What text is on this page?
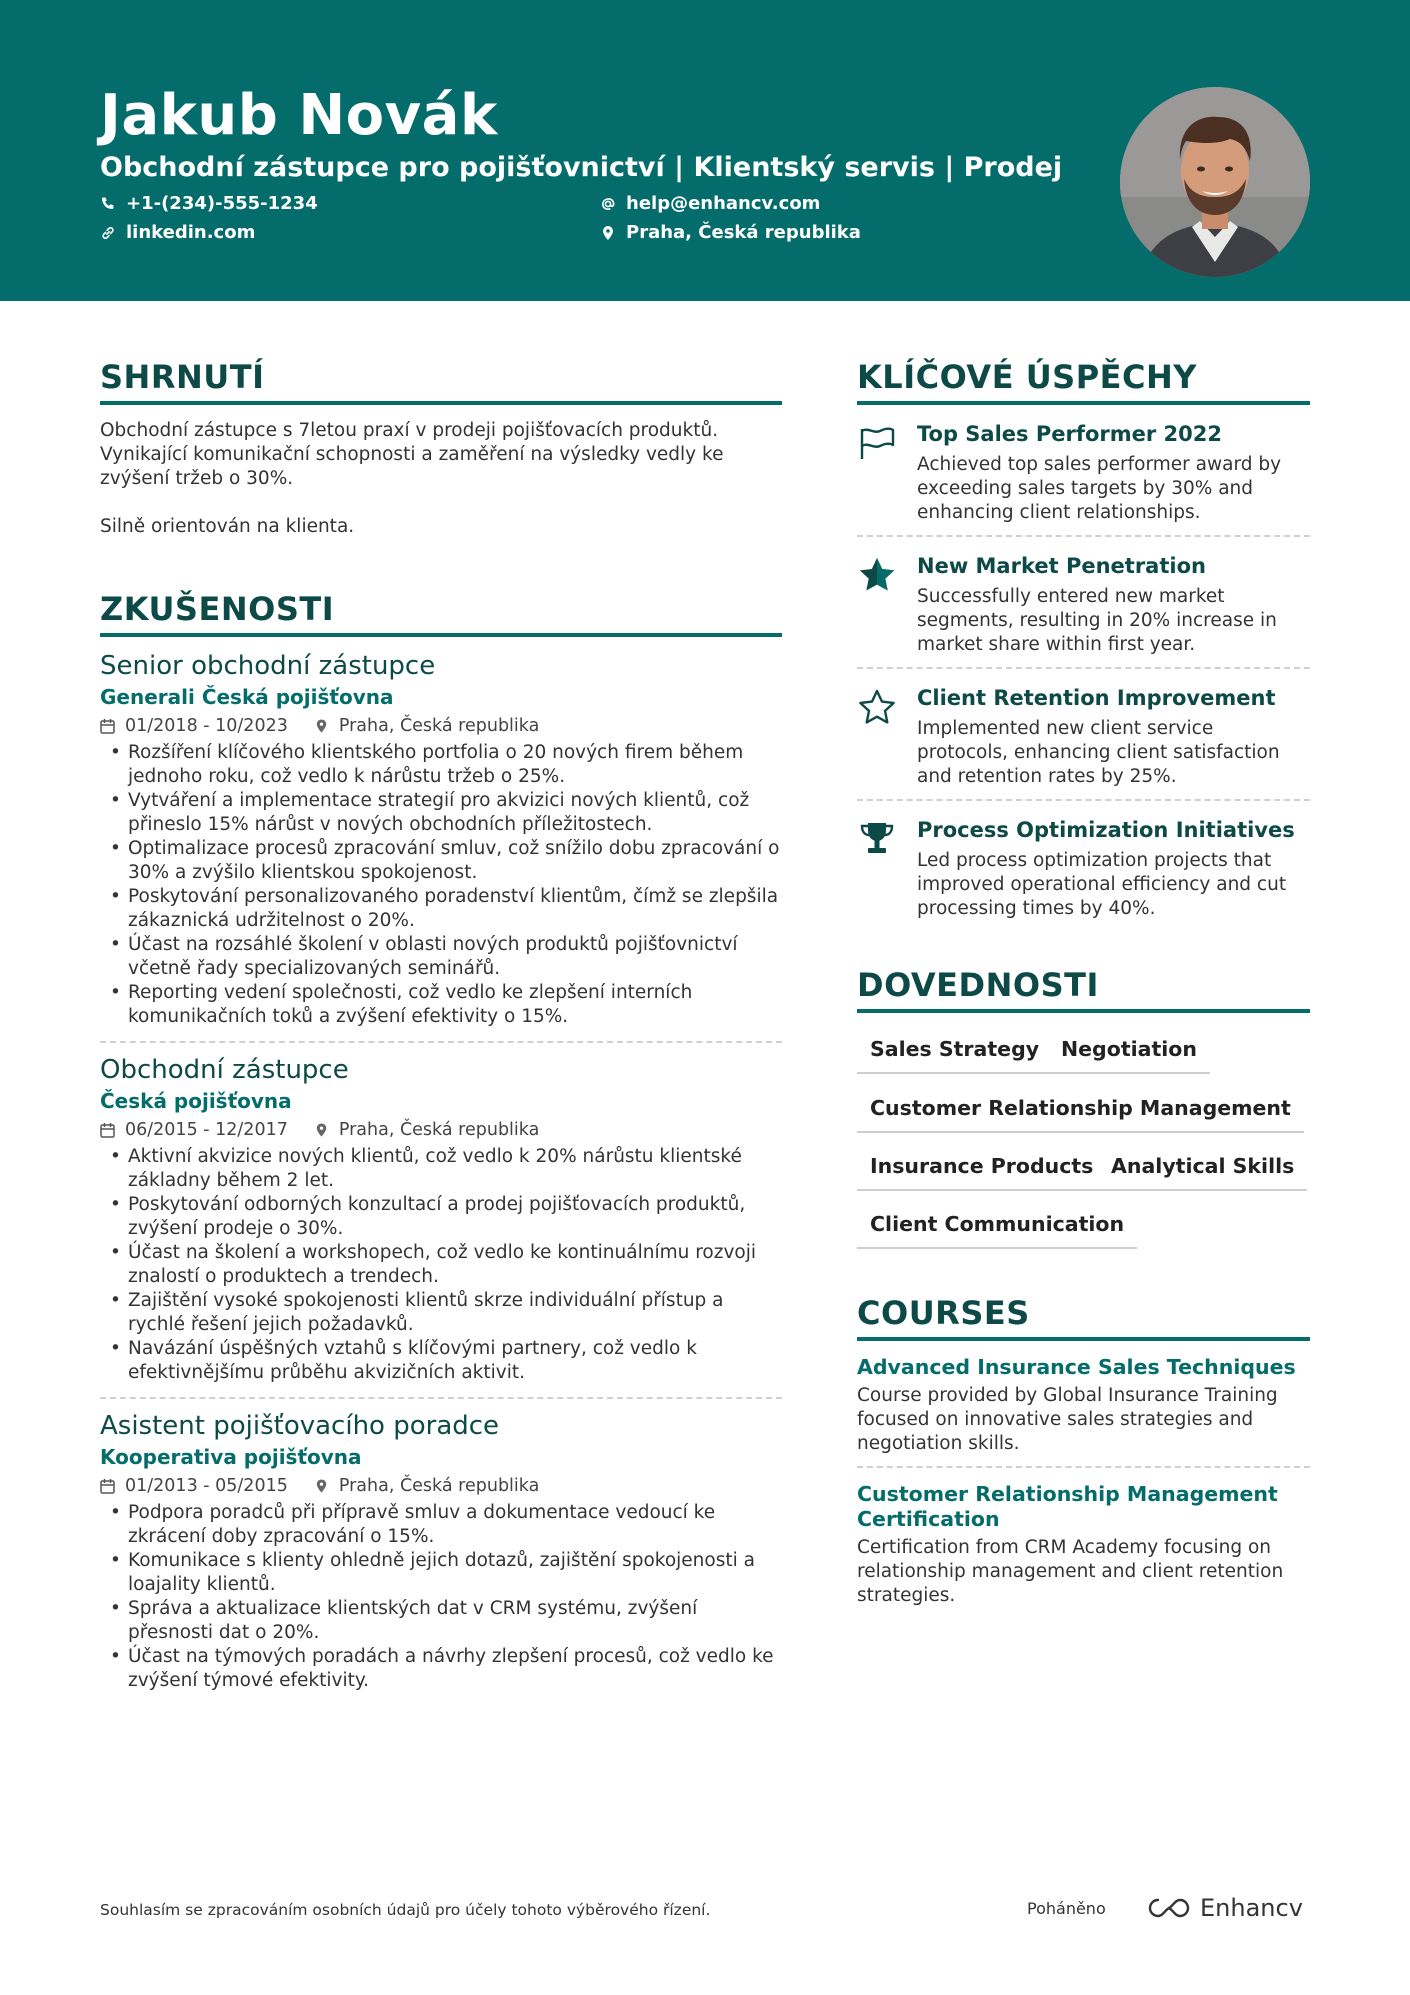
Jakub Novák
Obchodní zástupce pro pojišťovnictví | Klientský servis | Prodej
+1-(234)-555-1234	help@enhancv.com
linkedin.com	Praha, Česká republika
SHRNUTÍ

Obchodní zástupce s 7letou praxí v prodeji pojišťovacích produktů. Vynikající komunikační schopnosti a zaměření na výsledky vedly ke zvýšení tržeb o 30%.

Silně orientován na klienta.

ZKUŠENOSTI
Senior obchodní zástupce
Generali Česká pojišťovna
01/2018 - 10/2023	Praha, Česká republika
• Rozšíření klíčového klientského portfolia o 20 nových firem během jednoho roku, což vedlo k nárůstu tržeb o 25%.
• Vytváření a implementace strategií pro akvizici nových klientů, což přineslo 15% nárůst v nových obchodních příležitostech.
• Optimalizace procesů zpracování smluv, což snížilo dobu zpracování o 30% a zvýšilo klientskou spokojenost.
• Poskytování personalizovaného poradenství klientům, čímž se zlepšila zákaznická udržitelnost o 20%.
• Účast na rozsáhlé školení v oblasti nových produktů pojišťovnictví včetně řady specializovaných seminářů.
• Reporting vedení společnosti, což vedlo ke zlepšení interních komunikačních toků a zvýšení efektivity o 15%.
Obchodní zástupce
Česká pojišťovna
06/2015 - 12/2017	Praha, Česká republika
• Aktivní akvizice nových klientů, což vedlo k 20% nárůstu klientské základny během 2 let.
• Poskytování odborných konzultací a prodej pojišťovacích produktů, zvýšení prodeje o 30%.
• Účast na školení a workshopech, což vedlo ke kontinuálnímu rozvoji znalostí o produktech a trendech.
• Zajištění vysoké spokojenosti klientů skrze individuální přístup a rychlé řešení jejich požadavků.
• Navázání úspěšných vztahů s klíčovými partnery, což vedlo k efektivnějšímu průběhu akvizičních aktivit.
Asistent pojišťovacího poradce
Kooperativa pojišťovna
01/2013 - 05/2015	Praha, Česká republika
• Podpora poradců při přípravě smluv a dokumentace vedoucí ke zkrácení doby zpracování o 15%.
• Komunikace s klienty ohledně jejich dotazů, zajištění spokojenosti a loajality klientů.
• Správa a aktualizace klientských dat v CRM systému, zvýšení přesnosti dat o 20%.
• Účast na týmových poradách a návrhy zlepšení procesů, což vedlo ke zvýšení týmové efektivity.
KLÍČOVÉ ÚSPĚCHY
Top Sales Performer 2022
Achieved top sales performer award by exceeding sales targets by 30% and enhancing client relationships.
New Market Penetration
Successfully entered new market segments, resulting in 20% increase in market share within first year.
Client Retention Improvement
Implemented new client service protocols, enhancing client satisfaction and retention rates by 25%.
Process Optimization Initiatives
Led process optimization projects that improved operational efficiency and cut processing times by 40%.
DOVEDNOSTI
Sales Strategy	Negotiation
Customer Relationship Management
Insurance Products Analytical Skills
Client Communication
COURSES
Advanced Insurance Sales Techniques
Course provided by Global Insurance Training focused on innovative sales strategies and negotiation skills.
Customer Relationship Management Certification
Certification from CRM Academy focusing on relationship management and client retention strategies.
Souhlasím se zpracováním osobních údajů pro účely tohoto výběrového řízení.	Poháněno	Enhancv
